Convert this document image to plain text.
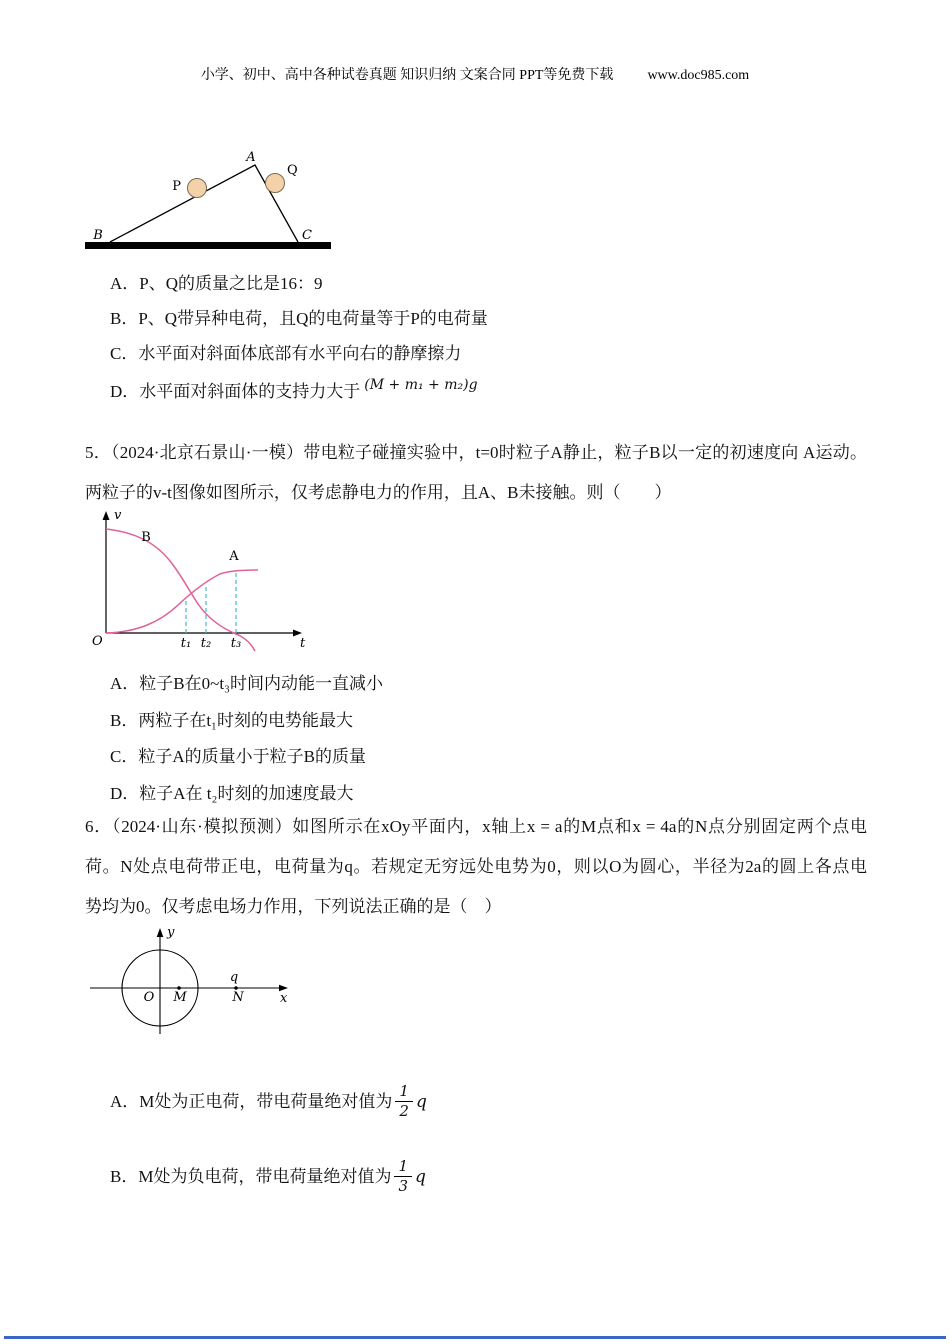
小学、初中、高中各种试卷真题 知识归纳 文案合同 PPT等免费下载 www.doc985.com
A
B	C
P
Q
A．P、Q的质量之比是16：9
B．P、Q带异种电荷，且Q的电荷量等于P的电荷量
C．水平面对斜面体底部有水平向右的静摩擦力
D．水平面对斜面体的支持力大于 $^{(M + m_1 + m_2)g}$
5．（2024·北京石景山·一模）带电粒子碰撞实验中，t=0时粒子A静止，粒子B以一定的初速度向 A运动。
两粒子的v-t图像如图所示，仅考虑静电力的作用，且A、B未接触。则（　　）
v
t
O
B
A
t₁ t₂ t₃
A．粒子B在0~t₃时间内动能一直减小
B．两粒子在t₁时刻的电势能最大
C．粒子A的质量小于粒子B的质量
D．粒子A在 t₂时刻的加速度最大
6．（2024·山东·模拟预测）如图所示在xOy平面内，x轴上x = a的M点和x = 4a的N点分别固定两个点电
荷。N处点电荷带正电，电荷量为q。若规定无穷远处电势为0，则以O为圆心，半径为2a的圆上各点电
势均为0。仅考虑电场力作用，下列说法正确的是（　）
y
x
O M	N
q
A．M处为正电荷，带电荷量绝对值为 $\frac{1}{2}$ q
B．M处为负电荷，带电荷量绝对值为 $\frac{1}{3}$ q
